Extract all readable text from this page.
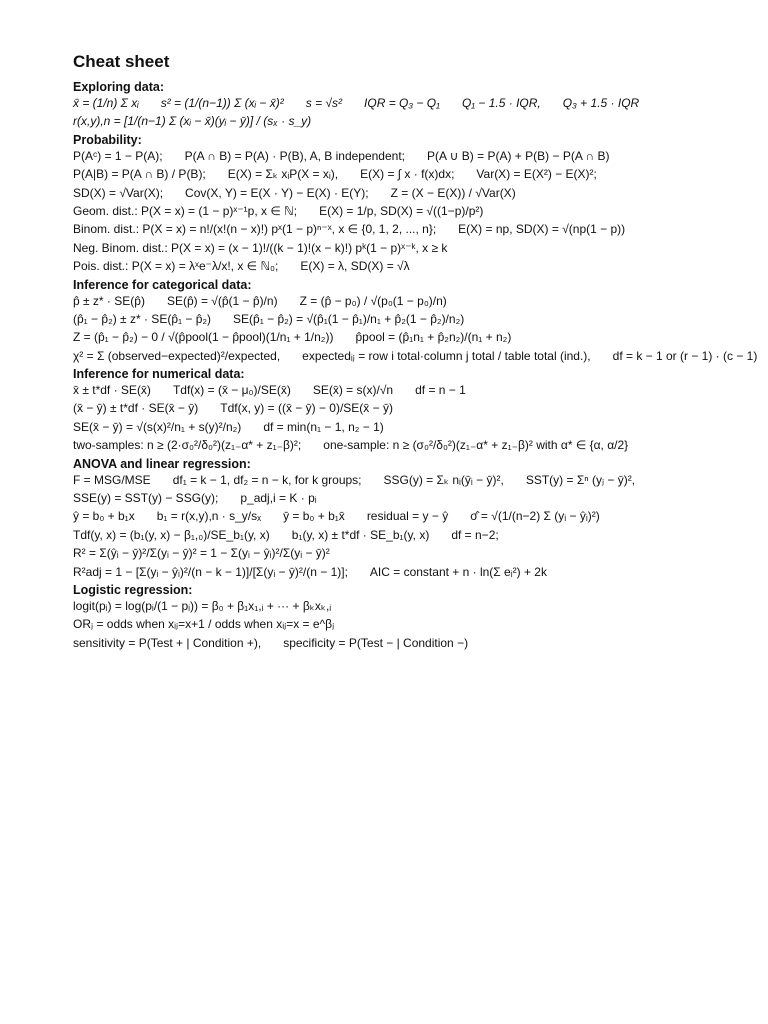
Cheat sheet
Exploring data:
x̄ = (1/n) Σ xᵢ s² = (1/(n−1)) Σ (xᵢ − x̄)² s = √s² IQR = Q₃ − Q₁ Q₁ − 1.5 · IQR, Q₃ + 1.5 · IQR
r(x,y),n = [1/(n−1) Σ (xᵢ − x̄)(yᵢ − ȳ)] / (sₓ · s_y)
Probability:
P(Aᶜ) = 1 − P(A); P(A ∩ B) = P(A) · P(B), A, B independent; P(A ∪ B) = P(A) + P(B) − P(A ∩ B)
P(A|B) = P(A ∩ B) / P(B); E(X) = Σₖ xᵢP(X = xᵢ), E(X) = ∫ x · f(x)dx; Var(X) = E(X²) − E(X)²;
SD(X) = √Var(X); Cov(X, Y) = E(X · Y) − E(X) · E(Y); Z = (X − E(X)) / √Var(X)
Geom. dist.: P(X = x) = (1 − p)ˣ⁻¹p, x ∈ ℕ; E(X) = 1/p, SD(X) = √((1−p)/p²)
Binom. dist.: P(X = x) = n!/(x!(n − x)!) pˣ(1 − p)ⁿ⁻ˣ, x ∈ {0, 1, 2, ..., n}; E(X) = np, SD(X) = √(np(1 − p))
Neg. Binom. dist.: P(X = x) = (x − 1)!/((k − 1)!(x − k)!) pᵏ(1 − p)ˣ⁻ᵏ, x ≥ k
Pois. dist.: P(X = x) = λˣe⁻λ/x!, x ∈ ℕ₀; E(X) = λ, SD(X) = √λ
Inference for categorical data:
p̂ ± z* · SE(p̂) SE(p̂) = √(p̂(1 − p̂)/n) Z = (p̂ − p₀) / √(p₀(1 − p₀)/n)
(p̂₁ − p̂₂) ± z* · SE(p̂₁ − p̂₂) SE(p̂₁ − p̂₂) = √(p̂₁(1 − p̂₁)/n₁ + p̂₂(1 − p̂₂)/n₂)
Z = (p̂₁ − p̂₂) − 0 / √(p̂pool(1 − p̂pool)(1/n₁ + 1/n₂)) p̂pool = (p̂₁n₁ + p̂₂n₂)/(n₁ + n₂)
χ² = Σ (observed−expected)²/expected, expectedᵢⱼ = row i total·column j total / table total (ind.), df = k − 1 or (r − 1) · (c − 1)
Inference for numerical data:
x̄ ± t*df · SE(x̄) Tdf(x) = (x̄ − μ₀)/SE(x̄) SE(x̄) = s(x)/√n df = n − 1
(x̄ − ȳ) ± t*df · SE(x̄ − ȳ) Tdf(x, y) = ((x̄ − ȳ) − 0)/SE(x̄ − ȳ)
SE(x̄ − ȳ) = √(s(x)²/n₁ + s(y)²/n₂) df = min(n₁ − 1, n₂ − 1)
two-samples: n ≥ (2·σ₀²/δ₀²)(z₁₋α* + z₁₋β)²; one-sample: n ≥ (σ₀²/δ₀²)(z₁₋α* + z₁₋β)² with α* ∈ {α, α/2}
ANOVA and linear regression:
F = MSG/MSE df₁ = k − 1, df₂ = n − k, for k groups; SSG(y) = Σₖ nᵢ(ȳᵢ − ȳ)², SST(y) = Σⁿ (yⱼ − ȳ)²,
SSE(y) = SST(y) − SSG(y); p_adj,i = K · pᵢ
ŷ = b₀ + b₁x b₁ = r(x,y),n · s_y/sₓ ȳ = b₀ + b₁x̄ residual = y − ŷ σ̂ = √(1/(n−2) Σ (yᵢ − ŷᵢ)²)
Tdf(y, x) = (b₁(y, x) − β₁,₀)/SE_b₁(y, x) b₁(y, x) ± t*df · SE_b₁(y, x) df = n−2;
R² = Σ(ŷᵢ − ȳ)²/Σ(yᵢ − ȳ)² = 1 − Σ(yᵢ − ŷᵢ)²/Σ(yᵢ − ȳ)²
R²adj = 1 − [Σ(yᵢ − ŷᵢ)²/(n − k − 1)]/[Σ(yᵢ − ȳ)²/(n − 1)]; AIC = constant + n · ln(Σ eᵢ²) + 2k
Logistic regression:
logit(pᵢ) = log(pᵢ/(1 − pᵢ)) = β₀ + β₁x₁,ᵢ + ··· + βₖxₖ,ᵢ
ORⱼ = odds when xᵢⱼ=x+1 / odds when xᵢⱼ=x = e^βⱼ
sensitivity = P(Test + | Condition +), specificity = P(Test − | Condition −)
